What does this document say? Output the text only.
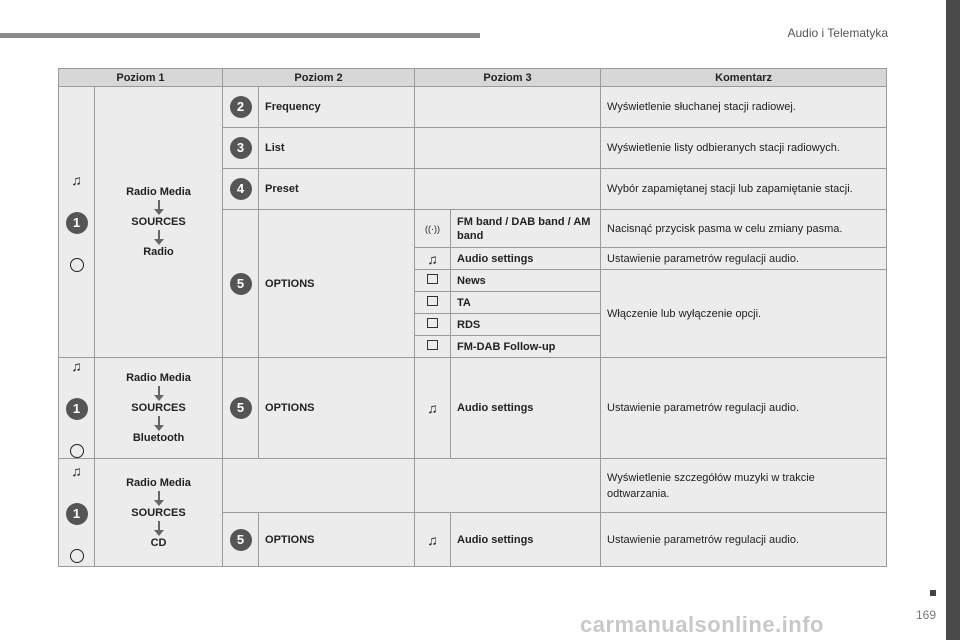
Audio i Telematyka
169
carmanualsonline.info
Poziom 1		Poziom 2		Poziom 3		Komentarz

♫
1	Radio Media
SOURCES
Radio	2	Frequency			Wyświetlenie słuchanej stacji radiowej.
		3	List			Wyświetlenie listy odbieranych stacji radiowych.
		4	Preset			Wybór zapamiętanej stacji lub zapamiętanie stacji.
		5	OPTIONS	((·))	FM band / DAB band / AM band	Nacisnąć przycisk pasma w celu zmiany pasma.
				♫	Audio settings	Ustawienie parametrów regulacji audio.
					News	Włączenie lub wyłączenie opcji.
					TA	
					RDS	
					FM-DAB Follow-up	

♫
1	Radio Media
SOURCES
Bluetooth	5	OPTIONS	♫	Audio settings	Ustawienie parametrów regulacji audio.

♫
1	Radio Media
SOURCES
CD					Wyświetlenie szczegółów muzyki w trakcie odtwarzania.
		5	OPTIONS	♫	Audio settings	Ustawienie parametrów regulacji audio.
